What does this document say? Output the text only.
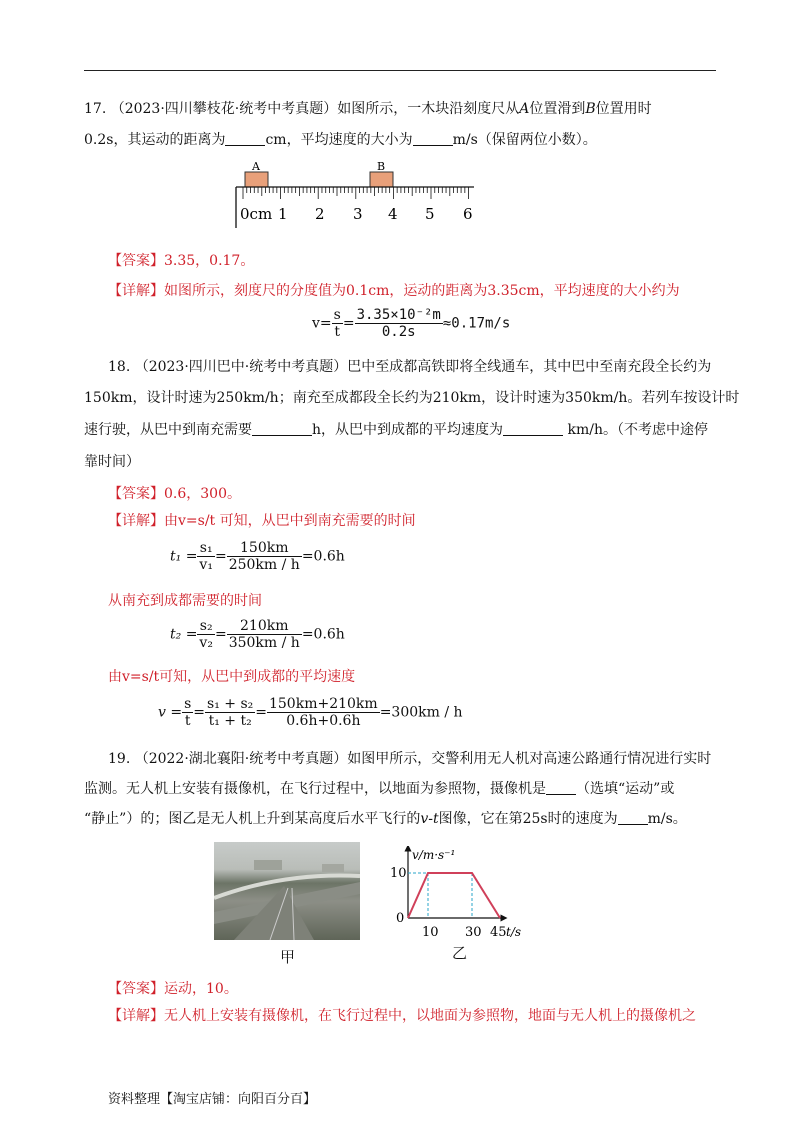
17. （2023·四川攀枝花·统考中考真题）如图所示，一木块沿刻度尺从A位置滑到B位置用时
0.2s，其运动的距离为	cm，平均速度的大小为	m/s（保留两位小数）。
A	B
0cm 1 2 3 4 5 6
【答案】3.35，0.17。
【详解】如图所示，刻度尺的分度值为0.1cm，运动的距离为3.35cm，平均速度的大小约为
$v= \frac{s}{t} = \frac{\text{3.35×10⁻²m}}{0.2s} \approx 0.17m/s$
18. （2023·四川巴中·统考中考真题）巴中至成都高铁即将全线通车，其中巴中至南充段全长约为
150km，设计时速为250km/h；南充至成都段全长约为210km，设计时速为350km/h。若列车按设计时
速行驶，从巴中到南充需要	h，从巴中到成都的平均速度为	km/h。（不考虑中途停
靠时间）
【答案】0.6，300。
【详解】由v=s/t 可知，从巴中到南充需要的时间
$t_1 = \frac{\text{s₁}}{\text{v₁}} = \frac{150km}{250km / h} =0.6h$
从南充到成都需要的时间
$t_2 = \frac{\text{s₂}}{\text{v₂}} = \frac{210km}{350km / h} =0.6h$
由v=s/t可知，从巴中到成都的平均速度
$v = \frac{s}{t} = \frac{\text{s₁ + s₂}}{\text{t₁ + t₂}} = \frac{150km+210km}{0.6h+0.6h} =300km / h$
19. （2022·湖北襄阳·统考中考真题）如图甲所示，交警利用无人机对高速公路通行情况进行实时
监测。无人机上安装有摄像机，在飞行过程中，以地面为参照物，摄像机是 （选填“运动”或
“静止”）的；图乙是无人机上升到某高度后水平飞行的v-t图像，它在第25s时的速度为 m/s。
甲
v/m·s⁻¹
t/s
10
0
10 30 45
乙
【答案】运动，10。
【详解】无人机上安装有摄像机，在飞行过程中，以地面为参照物，地面与无人机上的摄像机之
资料整理【淘宝店铺：向阳百分百】
